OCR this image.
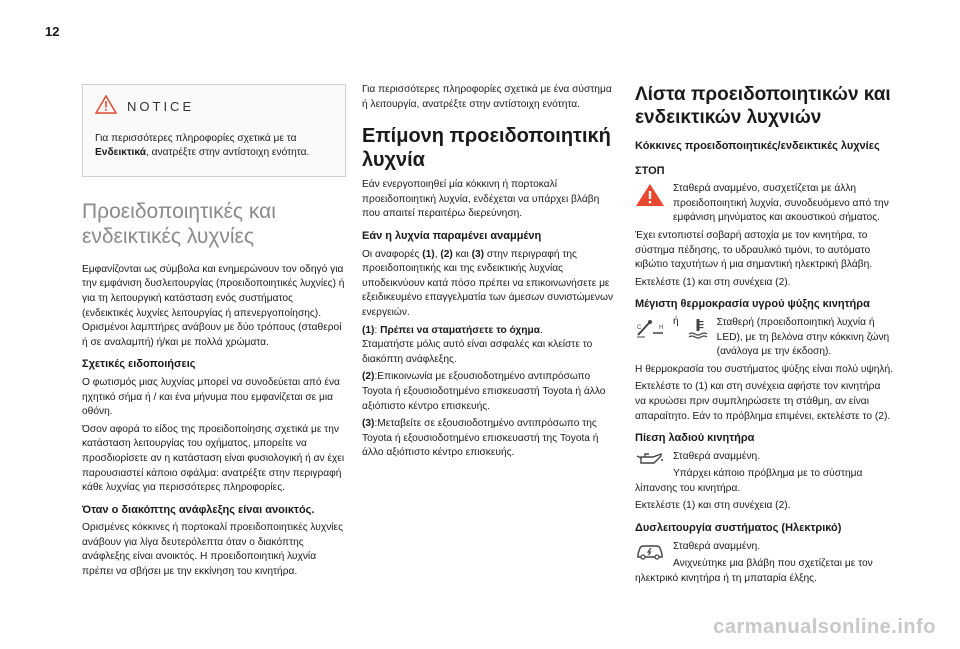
12
NOTICE

Για περισσότερες πληροφορίες σχετικά με τα Ενδεικτικά, ανατρέξτε στην αντίστοιχη ενότητα.

Προειδοποιητικές και ενδεικτικές λυχνίες

Εμφανίζονται ως σύμβολα και ενημερώνουν τον οδηγό για την εμφάνιση δυσλειτουργίας (προειδοποιητικές λυχνίες) ή για τη λειτουργική κατάσταση ενός συστήματος (ενδεικτικές λυχνίες λειτουργίας ή απενεργοποίησης). Ορισμένοι λαμπτήρες ανάβουν με δύο τρόπους (σταθεροί ή σε αναλαμπή) ή/και με πολλά χρώματα.

Σχετικές ειδοποιήσεις

Ο φωτισμός μιας λυχνίας μπορεί να συνοδεύεται από ένα ηχητικό σήμα ή / και ένα μήνυμα που εμφανίζεται σε μια οθόνη.

Όσον αφορά το είδος της προειδοποίησης σχετικά με την κατάσταση λειτουργίας του οχήματος, μπορείτε να προσδιορίσετε αν η κατάσταση είναι φυσιολογική ή αν έχει παρουσιαστεί κάποιο σφάλμα: ανατρέξτε στην περιγραφή κάθε λυχνίας για περισσότερες πληροφορίες.

Όταν ο διακόπτης ανάφλεξης είναι ανοικτός.

Ορισμένες κόκκινες ή πορτοκαλί προειδοποιητικές λυχνίες ανάβουν για λίγα δευτερόλεπτα όταν ο διακόπτης ανάφλεξης είναι ανοικτός. Η προειδοποιητική λυχνία πρέπει να σβήσει με την εκκίνηση του κινητήρα.

Για περισσότερες πληροφορίες σχετικά με ένα σύστημα ή λειτουργία, ανατρέξτε στην αντίστοιχη ενότητα.

Επίμονη προειδοποιητική λυχνία

Εάν ενεργοποιηθεί μία κόκκινη ή πορτοκαλί προειδοποιητική λυχνία, ενδέχεται να υπάρχει βλάβη που απαιτεί περαιτέρω διερεύνηση.

Εάν η λυχνία παραμένει αναμμένη

Οι αναφορές (1), (2) και (3) στην περιγραφή της προειδοποιητικής και της ενδεικτικής λυχνίας υποδεικνύουν κατά πόσο πρέπει να επικοινωνήσετε με εξειδικευμένο επαγγελματία των άμεσων συνιστώμενων ενεργειών.

(1): Πρέπει να σταματήσετε το όχημα.
Σταματήστε μόλις αυτό είναι ασφαλές και κλείστε το διακόπτη ανάφλεξης.

(2):Επικοινωνία με εξουσιοδοτημένο αντιπρόσωπο Toyota ή εξουσιοδοτημένο επισκευαστή Toyota ή άλλο αξιόπιστο κέντρο επισκευής.

(3):Μεταβείτε σε εξουσιοδοτημένο αντιπρόσωπο της Toyota ή εξουσιοδοτημένο επισκευαστή της Toyota ή άλλο αξιόπιστο κέντρο επισκευής.

Λίστα προειδοποιητικών και ενδεικτικών λυχνιών
Κόκκινες προειδοποιητικές/ενδεικτικές λυχνίες
ΣΤΟΠ

Σταθερά αναμμένο, συσχετίζεται με άλλη προειδοποιητική λυχνία, συνοδευόμενο από την εμφάνιση μηνύματος και ακουστικού σήματος.

Έχει εντοπιστεί σοβαρή αστοχία με τον κινητήρα, το σύστημα πέδησης, το υδραυλικό τιμόνι, το αυτόματο κιβώτιο ταχυτήτων ή μια σημαντική ηλεκτρική βλάβη.

Εκτελέστε (1) και στη συνέχεια (2).

Μέγιστη θερμοκρασία υγρού ψύξης κινητήρα
C	H
ή	Σταθερή (προειδοποιητική λυχνία ή LED), με τη βελόνα στην κόκκινη ζώνη (ανάλογα με την έκδοση).

Η θερμοκρασία του συστήματος ψύξης είναι πολύ υψηλή.

Εκτελέστε το (1) και στη συνέχεια αφήστε τον κινητήρα να κρυώσει πριν συμπληρώσετε τη στάθμη, αν είναι απαραίτητο. Εάν το πρόβλημα επιμένει, εκτελέστε το (2).

Πίεση λαδιού κινητήρα

Σταθερά αναμμένη.

Υπάρχει κάποιο πρόβλημα με το σύστημα λίπανσης του κινητήρα.

Εκτελέστε (1) και στη συνέχεια (2).

Δυσλειτουργία συστήματος (Ηλεκτρικό)

Σταθερά αναμμένη.

Ανιχνεύτηκε μια βλάβη που σχετίζεται με τον ηλεκτρικό κινητήρα ή τη μπαταρία έλξης.

carmanualsonline.info
